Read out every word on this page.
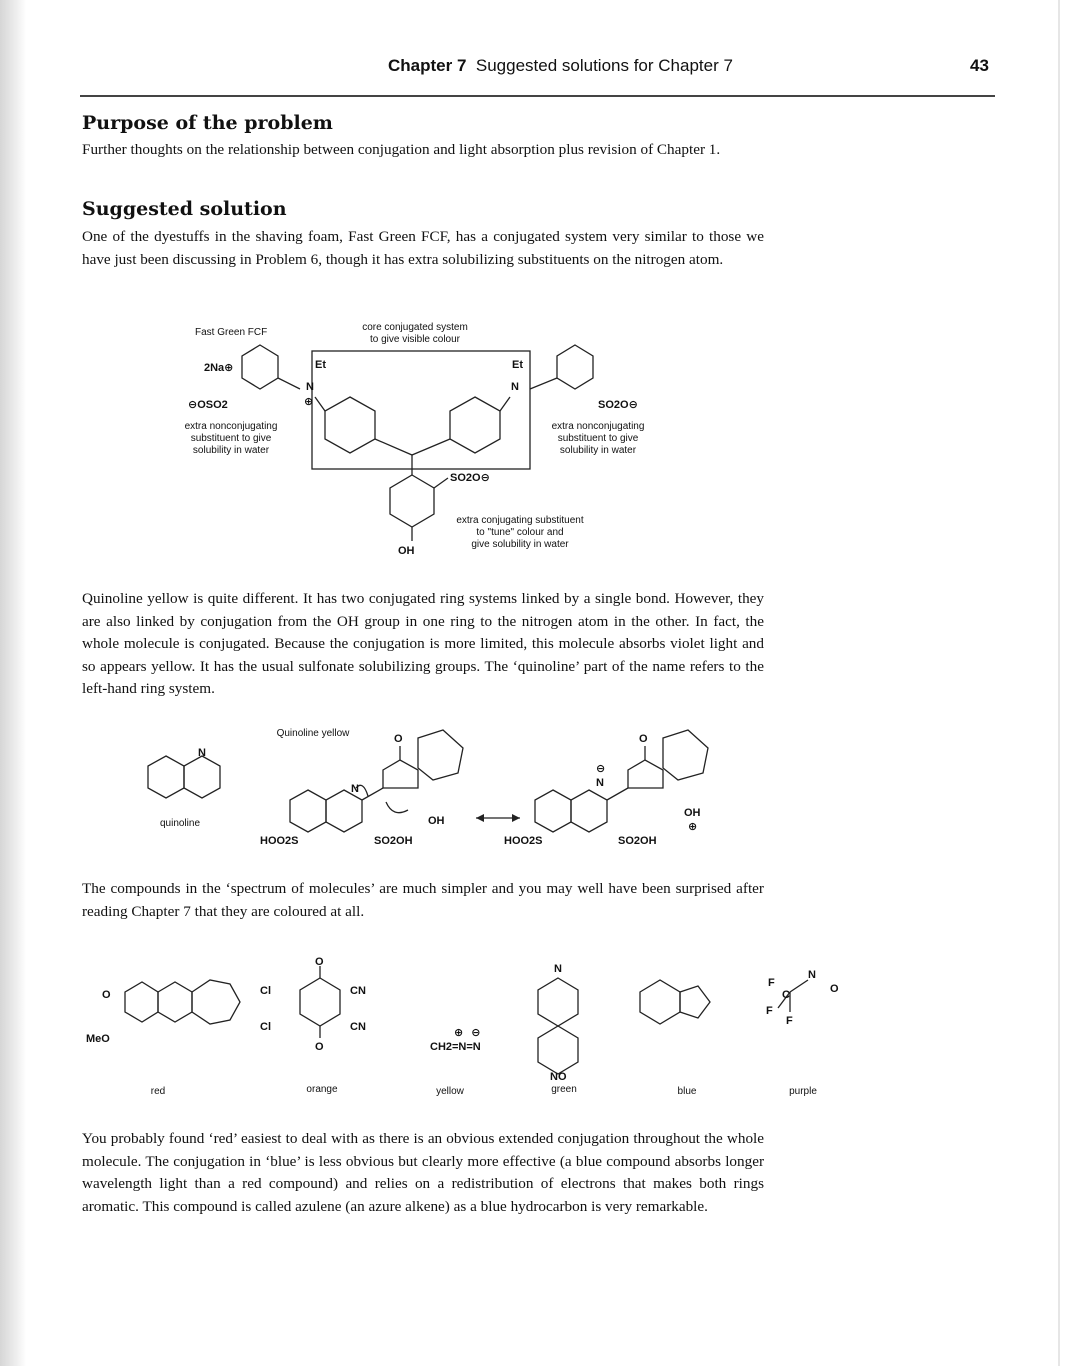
Chapter 7 Suggested solutions for Chapter 7	43
Purpose of the problem

Further thoughts on the relationship between conjugation and light absorption plus revision of Chapter 1.

Suggested solution

One of the dyestuffs in the shaving foam, Fast Green FCF, has a conjugated system very similar to those we have just been discussing in Problem 6, though it has extra solubilizing substituents on the nitrogen atom.

Fast Green FCF	core conjugated system
to give visible colour
2Na⊕	Et	Et
N	N
⊕
⊖OSO2	SO2O⊖
SO2O⊖
OH
extra nonconjugating
substituent to give
solubility in water
extra nonconjugating
substituent to give
solubility in water
extra conjugating substituent
to "tune" colour and
give solubility in water

Quinoline yellow is quite different. It has two conjugated ring systems linked by a single bond. However, they are also linked by conjugation from the OH group in one ring to the nitrogen atom in the other. In fact, the whole molecule is conjugated. Because the conjugation is more limited, this molecule absorbs violet light and so appears yellow. It has the usual sulfonate solubilizing groups. The ‘quinoline’ part of the name refers to the left-hand ring system.

Quinoline yellow
N
quinoline
N
O
OH
HOO2S	SO2OH
⊖
N
O
OH
⊕
HOO2S	SO2OH

The compounds in the ‘spectrum of molecules’ are much simpler and you may well have been surprised after reading Chapter 7 that they are coloured at all.

O
MeO
O
O
Cl
Cl
CN
CN	⊕ ⊖
CH2=N=N
N
NO
F
F
F
C
N
O
red	orange	yellow	green	blue	purple

You probably found ‘red’ easiest to deal with as there is an obvious extended conjugation throughout the whole molecule. The conjugation in ‘blue’ is less obvious but clearly more effective (a blue compound absorbs longer wavelength light than a red compound) and relies on a redistribution of electrons that makes both rings aromatic. This compound is called azulene (an azure alkene) as a blue hydrocarbon is very remarkable.
